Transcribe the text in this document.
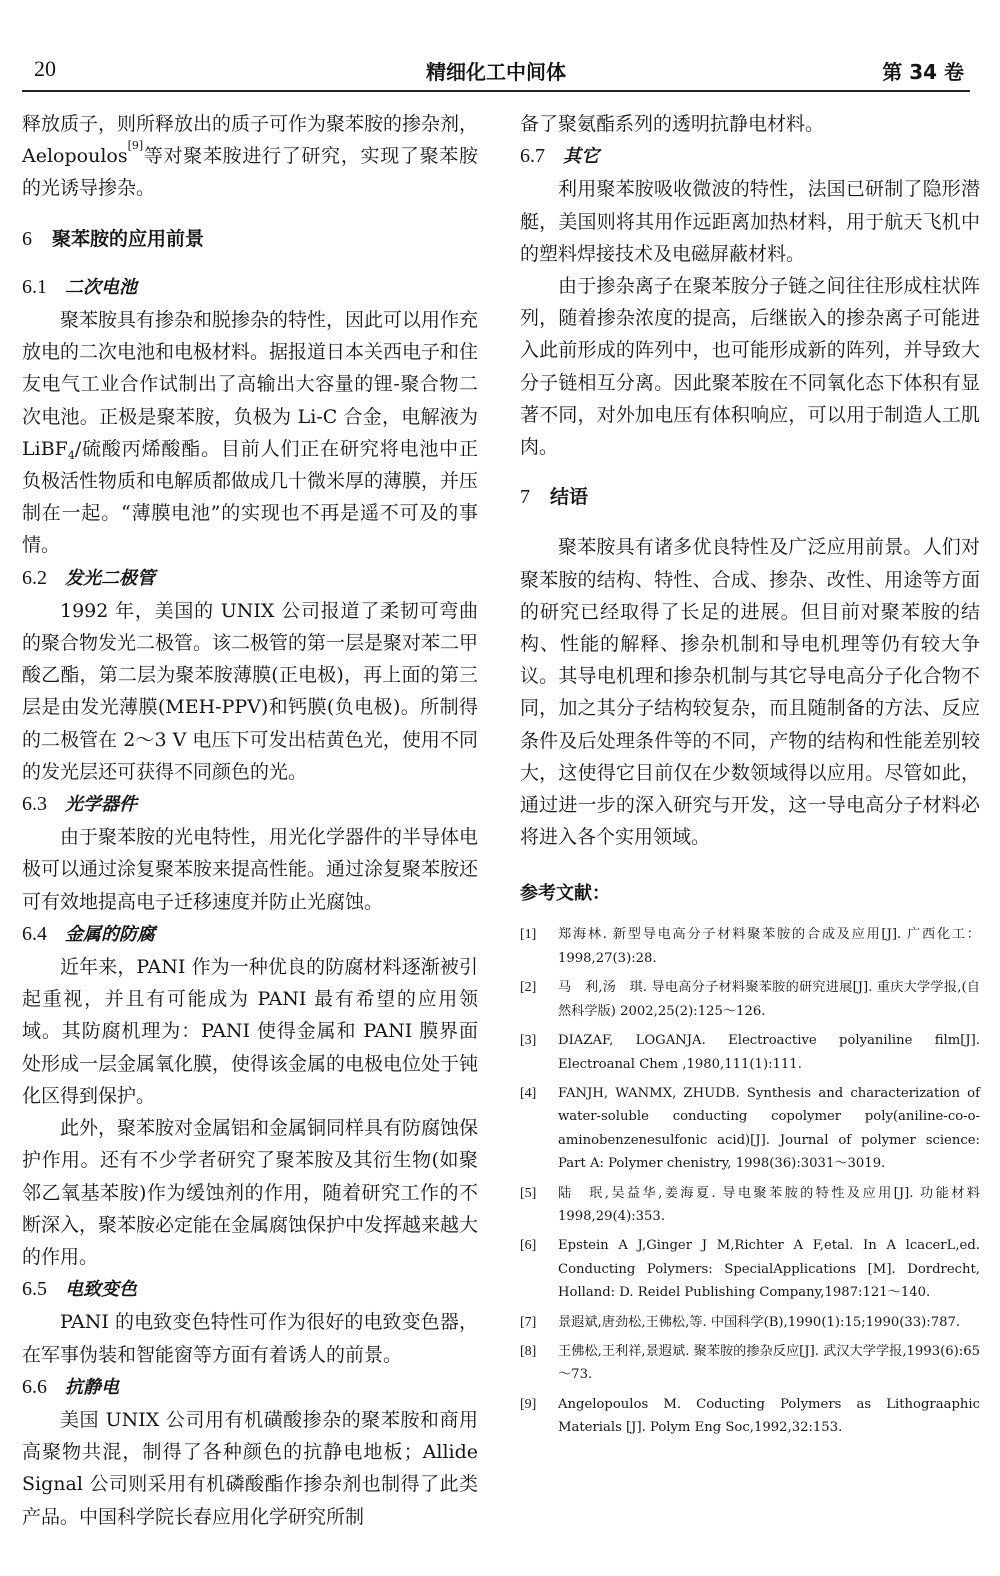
20	精细化工中间体	第 34 卷

释放质子，则所释放出的质子可作为聚苯胺的掺杂剂，Aelopoulos[9]等对聚苯胺进行了研究，实现了聚苯胺的光诱导掺杂。

6 聚苯胺的应用前景

6.1 二次电池

聚苯胺具有掺杂和脱掺杂的特性，因此可以用作充放电的二次电池和电极材料。据报道日本关西电子和住友电气工业合作试制出了高输出大容量的锂-聚合物二次电池。正极是聚苯胺，负极为 Li-C 合金，电解液为 LiBF$_4$/硫酸丙烯酸酯。目前人们正在研究将电池中正负极活性物质和电解质都做成几十微米厚的薄膜，并压制在一起。“薄膜电池”的实现也不再是遥不可及的事情。

6.2 发光二极管

1992 年，美国的 UNIX 公司报道了柔韧可弯曲的聚合物发光二极管。该二极管的第一层是聚对苯二甲酸乙酯，第二层为聚苯胺薄膜(正电极)，再上面的第三层是由发光薄膜(MEH-PPV)和钙膜(负电极)。所制得的二极管在 2～3 V 电压下可发出桔黄色光，使用不同的发光层还可获得不同颜色的光。

6.3 光学器件

由于聚苯胺的光电特性，用光化学器件的半导体电极可以通过涂复聚苯胺来提高性能。通过涂复聚苯胺还可有效地提高电子迁移速度并防止光腐蚀。

6.4 金属的防腐

近年来，PANI 作为一种优良的防腐材料逐渐被引起重视，并且有可能成为 PANI 最有希望的应用领域。其防腐机理为：PANI 使得金属和 PANI 膜界面处形成一层金属氧化膜，使得该金属的电极电位处于钝化区得到保护。

此外，聚苯胺对金属铝和金属铜同样具有防腐蚀保护作用。还有不少学者研究了聚苯胺及其衍生物(如聚邻乙氧基苯胺)作为缓蚀剂的作用，随着研究工作的不断深入，聚苯胺必定能在金属腐蚀保护中发挥越来越大的作用。

6.5 电致变色

PANI 的电致变色特性可作为很好的电致变色器，在军事伪装和智能窗等方面有着诱人的前景。

6.6 抗静电

美国 UNIX 公司用有机磺酸掺杂的聚苯胺和商用高聚物共混，制得了各种颜色的抗静电地板；Allide Signal 公司则采用有机磷酸酯作掺杂剂也制得了此类产品。中国科学院长春应用化学研究所制

备了聚氨酯系列的透明抗静电材料。

6.7 其它

利用聚苯胺吸收微波的特性，法国已研制了隐形潜艇，美国则将其用作远距离加热材料，用于航天飞机中的塑料焊接技术及电磁屏蔽材料。

由于掺杂离子在聚苯胺分子链之间往往形成柱状阵列，随着掺杂浓度的提高，后继嵌入的掺杂离子可能进入此前形成的阵列中，也可能形成新的阵列，并导致大分子链相互分离。因此聚苯胺在不同氧化态下体积有显著不同，对外加电压有体积响应，可以用于制造人工肌肉。

7 结语

聚苯胺具有诸多优良特性及广泛应用前景。人们对聚苯胺的结构、特性、合成、掺杂、改性、用途等方面的研究已经取得了长足的进展。但目前对聚苯胺的结构、性能的解释、掺杂机制和导电机理等仍有较大争议。其导电机理和掺杂机制与其它导电高分子化合物不同，加之其分子结构较复杂，而且随制备的方法、反应条件及后处理条件等的不同，产物的结构和性能差别较大，这使得它目前仅在少数领域得以应用。尽管如此，通过进一步的深入研究与开发，这一导电高分子材料必将进入各个实用领域。

参考文献：

[1]	郑海林. 新型导电高分子材料聚苯胺的合成及应用[J]. 广西化工：1998,27(3):28.
[2]	马　利,汤　琪. 导电高分子材料聚苯胺的研究进展[J]. 重庆大学学报,(自然科学版) 2002,25(2):125～126.
[3]	DIAZAF, LOGANJA. Electroactive polyaniline film[J]. Electroanal Chem ,1980,111(1):111.
[4]	FANJH, WANMX, ZHUDB. Synthesis and characterization of water-soluble conducting copolymer poly(aniline-co-o-aminobenzenesulfonic acid)[J]. Journal of polymer science: Part A: Polymer chenistry, 1998(36):3031～3019.
[5]	陆　珉,吴益华,姜海夏. 导电聚苯胺的特性及应用[J]. 功能材料 1998,29(4):353.
[6]	Epstein A J,Ginger J M,Richter A F,etal. In A lcacerL,ed. Conducting Polymers: SpecialApplications [M]. Dordrecht, Holland: D. Reidel Publishing Company,1987:121～140.
[7]	景遐斌,唐劲松,王佛松,等. 中国科学(B),1990(1):15;1990(33):787.
[8]	王佛松,王利祥,景遐斌. 聚苯胺的掺杂反应[J]. 武汉大学学报,1993(6):65～73.
[9]	Angelopoulos M. Coducting Polymers as Lithograaphic Materials [J]. Polym Eng Soc,1992,32:153.
